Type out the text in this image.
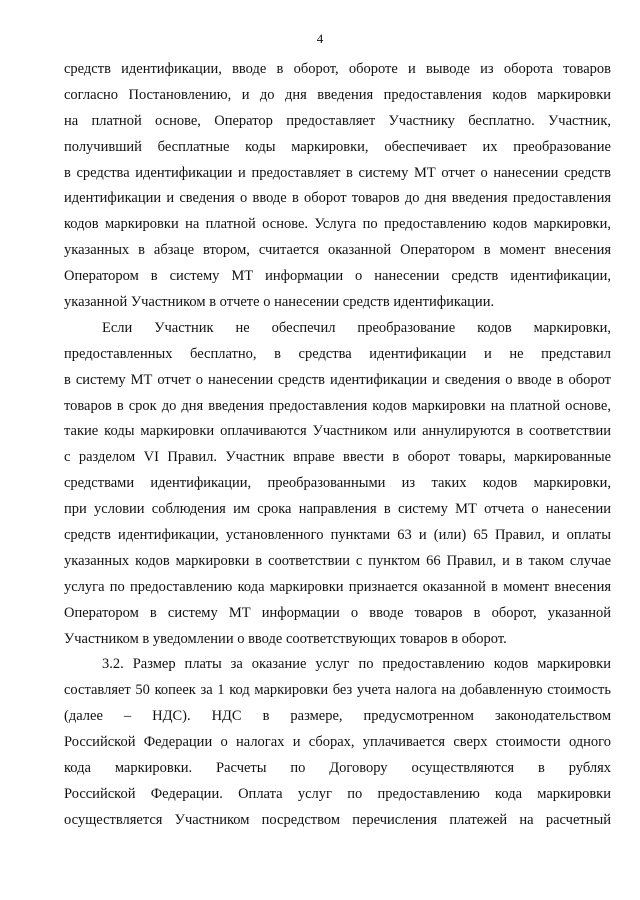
4
средств идентификации, вводе в оборот, обороте и выводе из оборота товаров
согласно Постановлению, и до дня введения предоставления кодов маркировки
на платной основе, Оператор предоставляет Участнику бесплатно. Участник,
получивший бесплатные коды маркировки, обеспечивает их преобразование
в средства идентификации и предоставляет в систему МТ отчет о нанесении средств
идентификации и сведения о вводе в оборот товаров до дня введения предоставления
кодов маркировки на платной основе. Услуга по предоставлению кодов маркировки,
указанных в абзаце втором, считается оказанной Оператором в момент внесения
Оператором в систему МТ информации о нанесении средств идентификации,
указанной Участником в отчете о нанесении средств идентификации.
Если Участник не обеспечил преобразование кодов маркировки,
предоставленных бесплатно, в средства идентификации и не представил
в систему МТ отчет о нанесении средств идентификации и сведения о вводе в оборот
товаров в срок до дня введения предоставления кодов маркировки на платной основе,
такие коды маркировки оплачиваются Участником или аннулируются в соответствии
с разделом VI Правил. Участник вправе ввести в оборот товары, маркированные
средствами идентификации, преобразованными из таких кодов маркировки,
при условии соблюдения им срока направления в систему МТ отчета о нанесении
средств идентификации, установленного пунктами 63 и (или) 65 Правил, и оплаты
указанных кодов маркировки в соответствии с пунктом 66 Правил, и в таком случае
услуга по предоставлению кода маркировки признается оказанной в момент внесения
Оператором в систему МТ информации о вводе товаров в оборот, указанной
Участником в уведомлении о вводе соответствующих товаров в оборот.
3.2. Размер платы за оказание услуг по предоставлению кодов маркировки
составляет 50 копеек за 1 код маркировки без учета налога на добавленную стоимость
(далее – НДС). НДС в размере, предусмотренном законодательством
Российской Федерации о налогах и сборах, уплачивается сверх стоимости одного
кода маркировки. Расчеты по Договору осуществляются в рублях
Российской Федерации. Оплата услуг по предоставлению кода маркировки
осуществляется Участником посредством перечисления платежей на расчетный
